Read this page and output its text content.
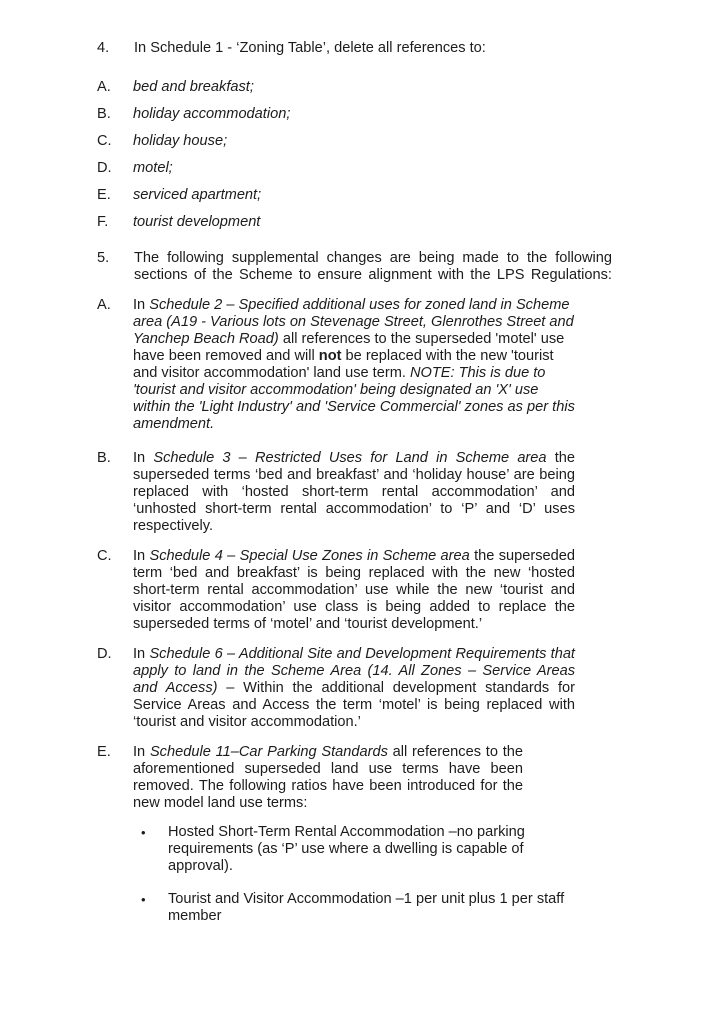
4.	In Schedule 1 - ‘Zoning Table’, delete all references to:
A.	bed and breakfast;
B.	holiday accommodation;
C.	holiday house;
D.	motel;
E.	serviced apartment;
F.	tourist development
5.	The following supplemental changes are being made to the following sections of the Scheme to ensure alignment with the LPS Regulations:
A.	In Schedule 2 – Specified additional uses for zoned land in Scheme area (A19 - Various lots on Stevenage Street, Glenrothes Street and Yanchep Beach Road) all references to the superseded 'motel' use have been removed and will not be replaced with the new 'tourist and visitor accommodation' land use term. NOTE: This is due to 'tourist and visitor accommodation' being designated an 'X' use within the 'Light Industry' and 'Service Commercial' zones as per this amendment.
B.	In Schedule 3 – Restricted Uses for Land in Scheme area the superseded terms ‘bed and breakfast’ and ‘holiday house’ are being replaced with ‘hosted short-term rental accommodation’ and ‘unhosted short-term rental accommodation’ to ‘P’ and ‘D’ uses respectively.
C.	In Schedule 4 – Special Use Zones in Scheme area the superseded term ‘bed and breakfast’ is being replaced with the new ‘hosted short-term rental accommodation’ use while the new ‘tourist and visitor accommodation’ use class is being added to replace the superseded terms of ‘motel’ and ‘tourist development.’
D.	In Schedule 6 – Additional Site and Development Requirements that apply to land in the Scheme Area (14. All Zones – Service Areas and Access) – Within the additional development standards for Service Areas and Access the term ‘motel’ is being replaced with ‘tourist and visitor accommodation.’
E.	In Schedule 11–Car Parking Standards all references to the aforementioned superseded land use terms have been removed. The following ratios have been introduced for the new model land use terms:
•	Hosted Short-Term Rental Accommodation –no parking requirements (as ‘P’ use where a dwelling is capable of approval).
•	Tourist and Visitor Accommodation –1 per unit plus 1 per staff member
